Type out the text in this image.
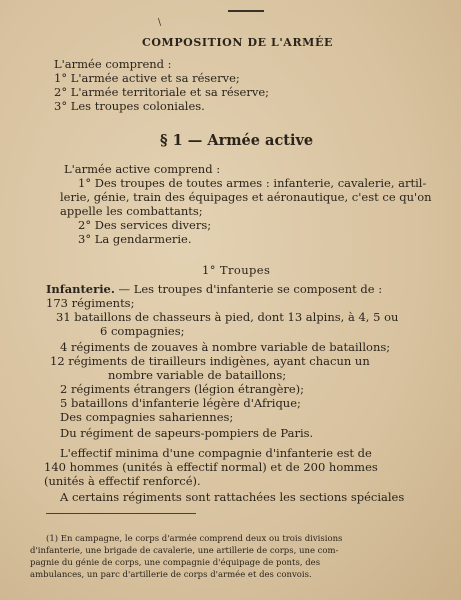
\
COMPOSITION DE L'ARMÉE
L'armée comprend :
1° L'armée active et sa réserve;
2° L'armée territoriale et sa réserve;
3° Les troupes coloniales.
§ 1 — Armée active
L'armée active comprend :
1° Des troupes de toutes armes : infanterie, cavalerie, artil-
lerie, génie, train des équipages et aéronautique, c'est ce qu'on
appelle les combattants;
2° Des services divers;
3° La gendarmerie.
1° Troupes
Infanterie. — Les troupes d'infanterie se composent de :
173 régiments;
31 bataillons de chasseurs à pied, dont 13 alpins, à 4, 5 ou
6 compagnies;
4 régiments de zouaves à nombre variable de bataillons;
12 régiments de tirailleurs indigènes, ayant chacun un
nombre variable de bataillons;
2 régiments étrangers (légion étrangère);
5 bataillons d'infanterie légère d'Afrique;
Des compagnies sahariennes;
Du régiment de sapeurs-pompiers de Paris.
L'effectif minima d'une compagnie d'infanterie est de
140 hommes (unités à effectif normal) et de 200 hommes
(unités à effectif renforcé).
A certains régiments sont rattachées les sections spéciales
(1) En campagne, le corps d'armée comprend deux ou trois divisions
d'infanterie, une brigade de cavalerie, une artillerie de corps, une com-
pagnie du génie de corps, une compagnie d'équipage de ponts, des
ambulances, un parc d'artillerie de corps d'armée et des convois.
